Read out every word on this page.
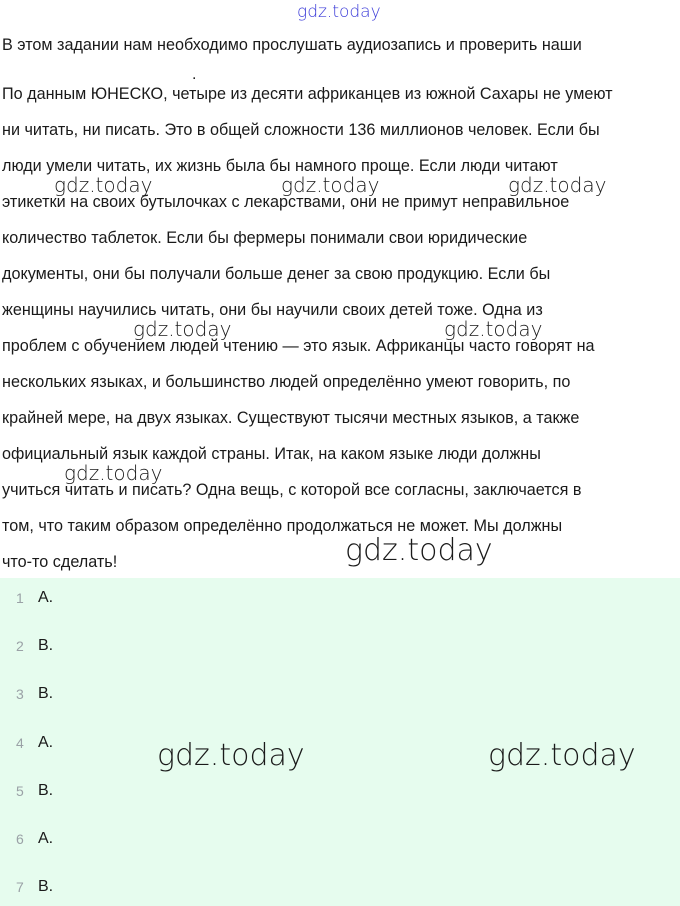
В этом задании нам необходимо прослушать аудиозапись и проверить наши
.
По данным ЮНЕСКО, четыре из десяти африканцев из южной Сахары не умеют
ни читать, ни писать. Это в общей сложности 136 миллионов человек. Если бы
люди умели читать, их жизнь была бы намного проще. Если люди читают
этикетки на своих бутылочках с лекарствами, они не примут неправильное
количество таблеток. Если бы фермеры понимали свои юридические
документы, они бы получали больше денег за свою продукцию. Если бы
женщины научились читать, они бы научили своих детей тоже. Одна из
проблем с обучением людей чтению — это язык. Африканцы часто говорят на
нескольких языках, и большинство людей определённо умеют говорить, по
крайней мере, на двух языках. Существуют тысячи местных языков, а также
официальный язык каждой страны. Итак, на каком языке люди должны
учиться читать и писать? Одна вещь, с которой все согласны, заключается в
том, что таким образом определённо продолжаться не может. Мы должны
что-то сделать!
1 A.
2 B.
3 B.
4 A.
5 B.
6 A.
7 B.
gdz.today
gdz.today	gdz.today	gdz.today
gdz.today	gdz.today
gdz.today
gdz.today
gdz.today	gdz.today
